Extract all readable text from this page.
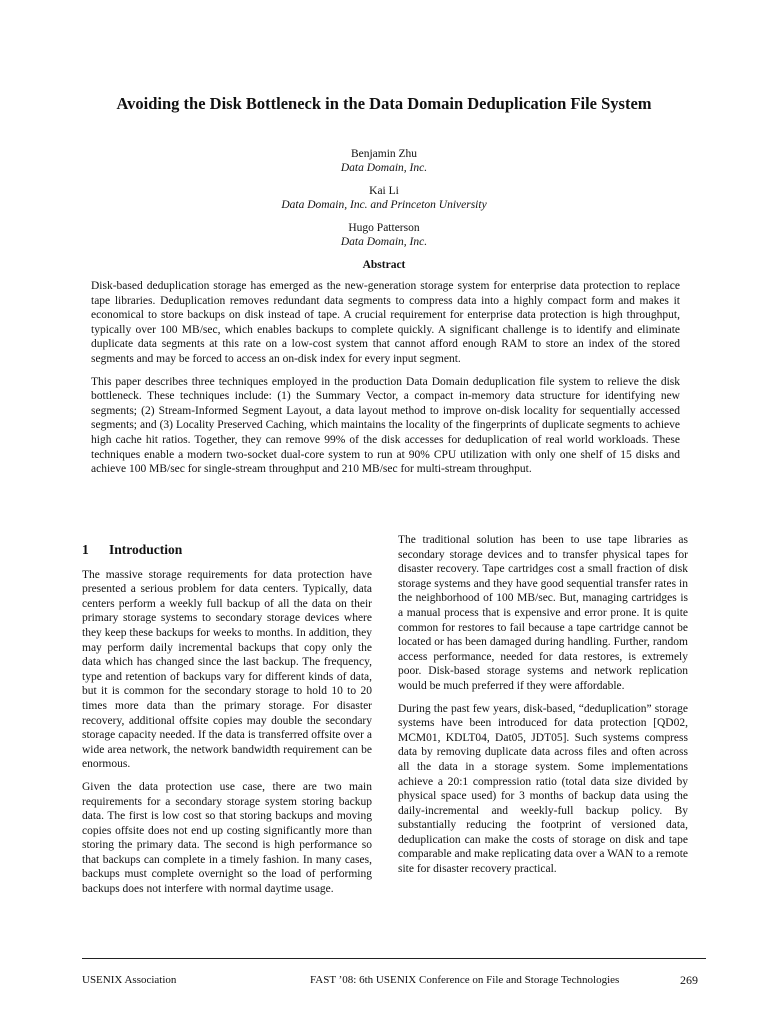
Avoiding the Disk Bottleneck in the Data Domain Deduplication File System
Benjamin Zhu
Data Domain, Inc.
Kai Li
Data Domain, Inc. and Princeton University
Hugo Patterson
Data Domain, Inc.
Abstract

Disk-based deduplication storage has emerged as the new-generation storage system for enterprise data protection to replace tape libraries. Deduplication removes redundant data segments to compress data into a highly compact form and makes it economical to store backups on disk instead of tape. A crucial requirement for enterprise data protection is high throughput, typically over 100 MB/sec, which enables backups to complete quickly. A significant challenge is to identify and eliminate duplicate data segments at this rate on a low-cost system that cannot afford enough RAM to store an index of the stored segments and may be forced to access an on-disk index for every input segment.

This paper describes three techniques employed in the production Data Domain deduplication file system to relieve the disk bottleneck. These techniques include: (1) the Summary Vector, a compact in-memory data structure for identifying new segments; (2) Stream-Informed Segment Layout, a data layout method to improve on-disk locality for sequentially accessed segments; and (3) Locality Preserved Caching, which maintains the locality of the fingerprints of duplicate segments to achieve high cache hit ratios. Together, they can remove 99% of the disk accesses for deduplication of real world workloads. These techniques enable a modern two-socket dual-core system to run at 90% CPU utilization with only one shelf of 15 disks and achieve 100 MB/sec for single-stream throughput and 210 MB/sec for multi-stream throughput.

1 Introduction

The massive storage requirements for data protection have presented a serious problem for data centers. Typically, data centers perform a weekly full backup of all the data on their primary storage systems to secondary storage devices where they keep these backups for weeks to months. In addition, they may perform daily incremental backups that copy only the data which has changed since the last backup. The frequency, type and retention of backups vary for different kinds of data, but it is common for the secondary storage to hold 10 to 20 times more data than the primary storage. For disaster recovery, additional offsite copies may double the secondary storage capacity needed. If the data is transferred offsite over a wide area network, the network bandwidth requirement can be enormous.

Given the data protection use case, there are two main requirements for a secondary storage system storing backup data. The first is low cost so that storing backups and moving copies offsite does not end up costing significantly more than storing the primary data. The second is high performance so that backups can complete in a timely fashion. In many cases, backups must complete overnight so the load of performing backups does not interfere with normal daytime usage.

The traditional solution has been to use tape libraries as secondary storage devices and to transfer physical tapes for disaster recovery. Tape cartridges cost a small fraction of disk storage systems and they have good sequential transfer rates in the neighborhood of 100 MB/sec. But, managing cartridges is a manual process that is expensive and error prone. It is quite common for restores to fail because a tape cartridge cannot be located or has been damaged during handling. Further, random access performance, needed for data restores, is extremely poor. Disk-based storage systems and network replication would be much preferred if they were affordable.

During the past few years, disk-based, “deduplication” storage systems have been introduced for data protection [QD02, MCM01, KDLT04, Dat05, JDT05]. Such systems compress data by removing duplicate data across files and often across all the data in a storage system. Some implementations achieve a 20:1 compression ratio (total data size divided by physical space used) for 3 months of backup data using the daily-incremental and weekly-full backup policy. By substantially reducing the footprint of versioned data, deduplication can make the costs of storage on disk and tape comparable and make replicating data over a WAN to a remote site for disaster recovery practical.

USENIX Association	FAST ’08: 6th USENIX Conference on File and Storage Technologies	269
